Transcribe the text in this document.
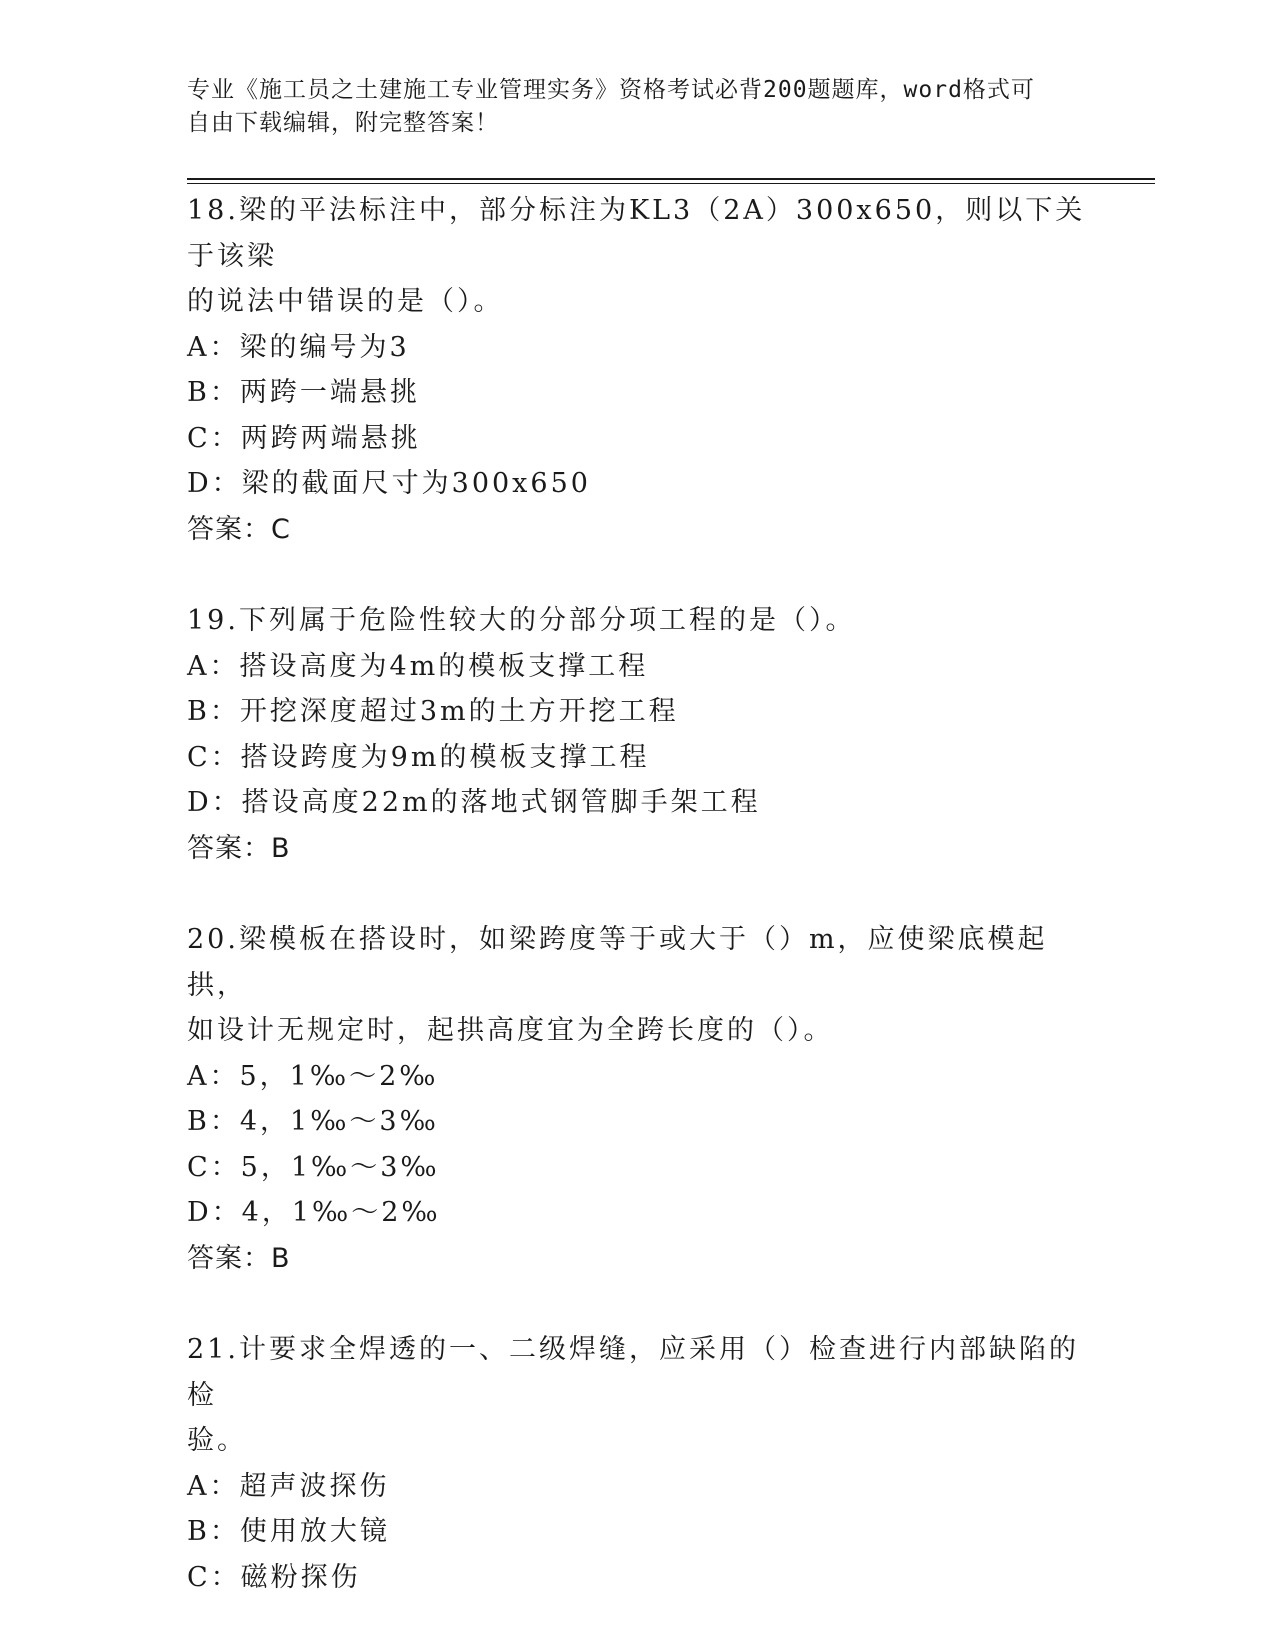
专业《施工员之土建施工专业管理实务》资格考试必背200题题库，word格式可
自由下载编辑，附完整答案！
18.梁的平法标注中，部分标注为KL3（2A）300x650，则以下关于该梁
的说法中错误的是（）。
A：梁的编号为3
B：两跨一端悬挑
C：两跨两端悬挑
D：梁的截面尺寸为300x650
答案：C
19.下列属于危险性较大的分部分项工程的是（）。
A：搭设高度为4m的模板支撑工程
B：开挖深度超过3m的土方开挖工程
C：搭设跨度为9m的模板支撑工程
D：搭设高度22m的落地式钢管脚手架工程
答案：B
20.梁模板在搭设时，如梁跨度等于或大于（）m，应使梁底模起拱，
如设计无规定时，起拱高度宜为全跨长度的（）。
A：5，1‰～2‰
B：4，1‰～3‰
C：5，1‰～3‰
D：4，1‰～2‰
答案：B
21.计要求全焊透的一、二级焊缝，应采用（）检查进行内部缺陷的检
验。
A：超声波探伤
B：使用放大镜
C：磁粉探伤
